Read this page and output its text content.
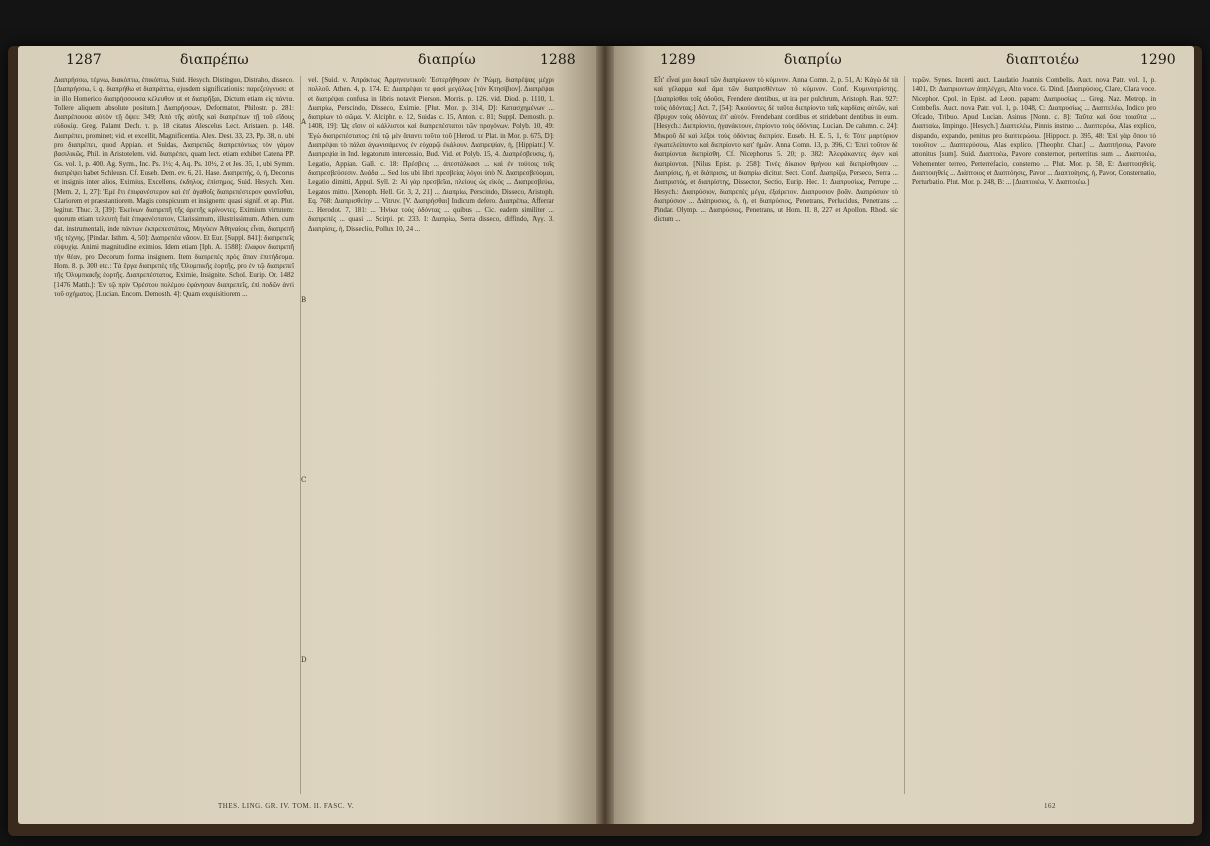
1287	διαπρέπω	διαπρίω	1288
Διαπρήσσω, τέμνω, διακόπτω, ἐπικόπτω, Suid. Hesych. Distinguo, Distraho, disseco. [Διαπρήσσω, ἰ. q. διαπρήθω et διαπράττω, ejusdem significationis: παρεζεύγνυσι: et in illo Homerico διαπρήσσουσα κέλευθον ut et διαπρῆξαι, Dictum etiam εἰς πάντα. Tollere aliquem absolute positum.] Διαπρήσσων, Deformator, Philostr. p. 281: Διαπρέπουσα αὐτὸν τῇ ὄψει: 349; Ἀπὸ τῆς αὐτῆς καὶ διαπρέπων τῇ τοῦ εἴδους εὐδοκίᾳ. Greg. Palamt Dech. τ. p. 18 citatus Alescelus Lect. Aristaen. p. 148. Διαπρέπει, prominet; vid. et excellit, Magnificentia. Alex. Dest. 33, 23, Pp. 38, n. ubi pro διαπρέπει, quod Appian. et Suidas, Διαπρεπῶς διαπρεπόντως τὸν γάμον βασιλικῶς, Phil. in Aristotelem. vid. διαπρέπει, quam lect. etiam exhibet Catena PP. Gs. vol. 1, p. 400. Ag. Syrm., Inc. Ps. 1½; 4, Aq. Ps. 10½, 2 et Jes. 35, 1, ubi Symm. διαπρέψει habet Schleusn. Cf. Euseb. Dem. ev. 6, 21. Hase. Διαπρεπής, ὁ, ἡ, Decorus et insignis inter alios, Eximius, Excellens, ἐκδηλος, ἐπίσημος, Suid. Hesych. Xen. [Mem. 2, 1, 27]: Ἐμὲ ἔτι ἐπιφανέστερον καὶ ἐπ' ἀγαθοῖς διαπρεπέστερον φανεῖσθαι, Clariorem et praestantiorem. Magis conspicuum et insignem: quasi signif. et ap. Plut. legitur. Thuc. 3, [39]: Ἐκείνων διαπρεπῆ τῆς ἀρετῆς κρίνοντες. Eximium virtutem: quorum etiam τελευτὴ fuit ἐπιφανέστατον, Clarissimum, illustrissimum. Athen. cum dat. instrumentali, inde πάντων ἐκπρεπεστάτοις, Μηνύειν Ἀθηναίοις εἶναι, διαπρεπῆ τῆς τέχνης. [Pindar. Isthm. 4, 50]: Διαπρεπέα νᾶσον. Et Eur. [Suppl. 841]: διαπρεπεῖς εὐψυχίᾳ. Animi magnitudine eximios. Idem etiam [Iph. A. 1588]: ἔλαφον διαπρεπῆ τὴν θέαν, pro Decorum forma insignem. Item διαπρεπὲς πρὸς ἅπαν ἐπιτήδευμα. Hom. 8. p. 300 etc.: Τὰ ἔργα διαπρεπὲς τῆς Ὀλυμπικῆς ἑορτῆς, pro ἐν τῷ διαπρεπεῖ τῆς Ὀλυμπιακῆς ἑορτῆς. Διαπρεπέστατος, Eximie, Insignite. Schol. Eurip. Or. 1482 [1476 Matth.]: Ἐν τῷ πρὶν Ὀρέστου πολέμου ἐφάνησαν διαπρεπεῖς, ἐπὶ ποδῶν ἀντὶ τοῦ σχήματος. [Lucian. Encom. Demosth. 4]: Quam exquisitiorem ...
vel. [Suid. v. Ἀπράκτως Ἀρμηνευτικοῦ: Ἐστερήθησαν ἐν Ῥώμῃ, διαπρέψας μέχρι πολλοῦ. Athen. 4, p. 174. E: Διαπρέψαι τε φασὶ μεγάλως [τὸν Κτησίβιον]. Διαπρέψαι et διατρέψαι confusa in libris notavit Pierson. Morris. p. 126. vid. Diod. p. 1110, 1. Διαπρίω, Perscindo, Disseco, Eximie. [Plut. Mor. p. 314, D]: Κατασχημένων ... διαπρίων τὸ σῶμα. V. Alciphr. e. 12, Suidas c. 15, Anton. c. 81; Suppl. Demosth. p. 1408, 19]: Ὡς εἴσιν οἱ κάλλιστοι καὶ διαπρεπέστατοι τῶν προγόνων. Polyb. 10, 49: Ἐγὼ διαπρεπέστατος: ἐπὶ τῷ μὲν ἅπαντι τοῦτο τοῦ [Herod. τε Plat. in Mor. p. 675, D]: Διαπρέψαι τὸ πάλαι ἀγωνισάμενος ἐν εὐχαρῷ ἐκάλουν. Διαπρεψίαν, ἡ, [Hippiatr.] V. Διαπρεψία in Ind. legatorum intercessio, Bud. Vid. et Polyb. 15, 4. Διαπρέσβευσις, ἡ, Legatio, Appian. Gall. c. 18: Πρέσβεις ... ἀπεστάλκασι ... καὶ ἐν τούτοις τοῖς διαπρεσβεύσεσιν. Δυάδα ... Sed los ubi libri πρεσβείας λόγοι ὑπὸ Ν. Διαπρεσβεύομαι, Legatio dimitti, Appul. Syll. 2: Αἱ γὰρ πρεσβεῖαι, πλείους ὡς εἰκὸς ... Διαπρεσβεύω, Legatos mitto. [Xenoph. Hell. Gr. 3, 2, 21] ... Διαπρίω, Perscindo, Disseco, Aristoph. Eq. 768: Διαπρισθείην ... Vitruv. [V. Διαπρήσθαι] Indicum defero. Διαπρέπω, Afferrar ... Herodot. 7, 181: ... Ἡνίκα τοὺς ὀδόντας ... quibus ... Cic. eadem similiter ... διαπρεπὲς ... quasi ... Scirpi. pr. 233. Ι: Διαπρίω, Serra dissecο, diffindo, Ἀγγ. 3. Διαπρίσις, ἡ, Disseclio, Pollux 10, 24 ...
A
B
C
D
THES. LING. GR. IV. TOM. II. FASC. V.
1289	διαπρίω	διαπτοιέω	1290
Εἶτ' εἶναί μοι δοκεῖ τῶν διαπρίωνον τὸ κύμινον. Anna Comn. 2, p. 51, A: Κἀγὼ δὲ τὰ καὶ γέλαρμα καὶ ἅμα τῶν διαπρισθέντων τὸ κύμινον. Conf. Κυμινοπρίστης. [Διαπρίσθαι τοῖς ὀδοῦσι, Frendere dentibus, ut ira per pulchrum, Aristoph. Ran. 927: τοὺς ὀδόντας.] Act. 7, [54]: Ἀκούοντες δὲ ταῦτα διεπρίοντο ταῖς καρδίαις αὐτῶν, καὶ ἔβρυχον τοὺς ὀδόντας ἐπ' αὐτόν. Frendebant cordibus et stridebant dentibus in eum. [Hesych.: Διεπρίοντο, ἠγανάκτουν, ἐπρίοντο τοὺς ὀδόντας. Lucian. De calumn. c. 24]: Μικροῦ δὲ καὶ λέξοι τοὺς ὀδόντας διεπρίσε. Euseb. H. E. 5, 1, 6: Τότε μαρτύριον ἐγκατελείποντο καὶ διεπρίοντο κατ' ἡμῶν. Anna Comn. 13, p. 396, C: Ἐπεὶ τοῦτον δὲ διαπρίονται διεπρίσθη. Cf. Nicephorus 5. 20; p. 382: Ἀλεφάκαντες ἀγεν καὶ διαπρίονται. [Nilus Epist. p. 258]: Τινὲς δίκαιον θρήνου καὶ διεπρίσθησαν ... Διαπρίσις, ἡ, et διάπρισις, ut διαπρίω dicitur. Sect. Conf. Διαπρίζω, Perseco, Serra ... Διαπριστός, et διαπρίστης, Dissector, Sectio, Eurip. Hec. 1: Διαπρυσίως, Perrupe ... Hesych.: Διαπρύσιον, διαπρεπὲς μέγα, ἐξαίρετον. Διαπρυσιον βοᾶν. Διαπρύσιον τὸ διαπρύσιον ... Διάπρυσιος, ὁ, ἡ, et διαπρύσιος, Penetrans, Perlucidus, Penetrans ... Pindar. Olymp. ... Διαπρύσιος, Penetrans, ut Hom. II. 8, 227 et Apollon. Rhod. sic dictum ...
τερῶν. Synes. Incerti auct. Laudatio Joannis Combelis. Auct. nova Patr. vol. 1, p. 1401, D: Διαπριοντων ἀπηλέγχει, Alto voce. G. Dind. [Διαπρύσιος, Clare, Clara voce. Nicephor. Cpol. in Epist. ad Leon. papam: Διαπρυσίως ... Greg. Naz. Metrop. in Combefis. Auct. nova Patr. vol. 1, p. 1048, C: Διαπρυσίως ... Διαπτελέω, Indico pro Ofcado, Tribuo. Apud Lucian. Asinus [Nonn. c. 8]: Ταῦτα καὶ ὅσα τοιαῦτα ... Διαπταίω, Impingo. [Hesych.] Διαπτελέω, Pinnis instruo ... Διαπτερόω, Alas explico, dispando, expando, penitus pro διαπτερώσω. [Hippocr. p. 395, 48: Ἐπὶ γὰρ ὅπου τὸ τοιοῦτον ... Διαπτερύσσω, Alas explico. [Theophr. Char.] ... Διαπτήσσω, Pavore attonitus [sum]. Suid. Διαπτοέω, Pavore consternor, perterritus sum ... Διαπτοιέω, Vehementer terreo, Perterrefacio, consterno ... Plut. Mor. p. 58, E: Διαπτοιηθεὶς. Διαπτοιηθεὶς ... Διάπτοιος et Διαπτόησις, Pavor ... Διαπτοίησις, ἡ, Pavor, Consternatio, Perturbatio. Plut. Mor. p. 248, B: ... [Διαπτοιέω, V. Διαπτοιέω.]
162
